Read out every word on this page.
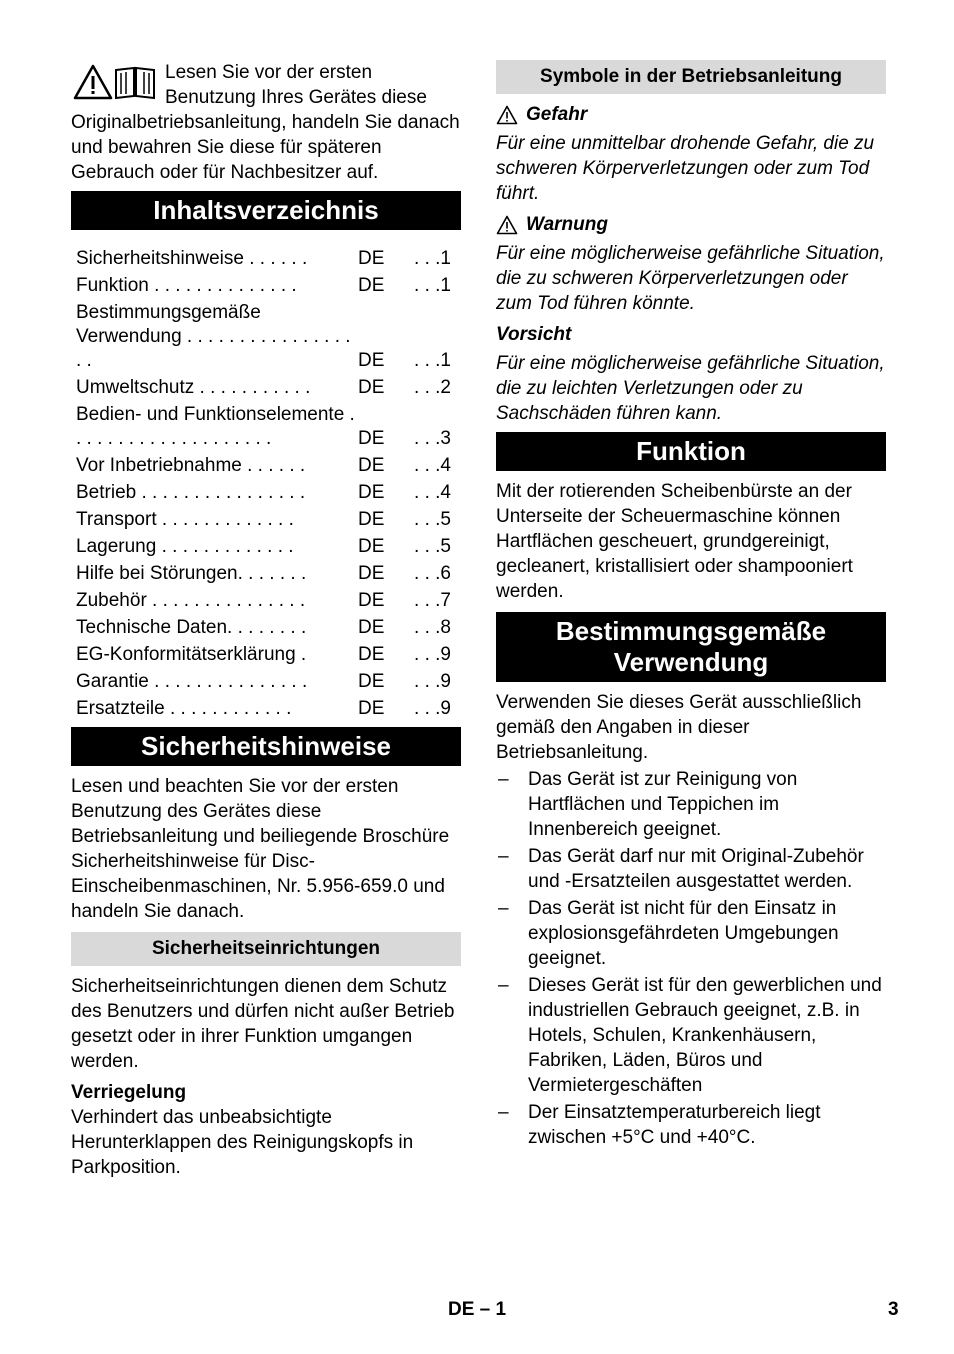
Lesen Sie vor der ersten Benutzung Ihres Gerätes diese Originalbetriebsanleitung, handeln Sie danach und bewahren Sie diese für späteren Gebrauch oder für Nachbesitzer auf.

Inhaltsverzeichnis
Sicherheitshinweise . . . . . .	DE	. . .1
Funktion . . . . . . . . . . . . . .	DE	. . .1
Bestimmungsgemäße Verwendung . . . . . . . . . . . . . . . . . .	DE	. . .1
Umweltschutz . . . . . . . . . . .	DE	. . .2
Bedien- und Funktionselemente . . . . . . . . . . . . . . . . . . . .	DE	. . .3
Vor Inbetriebnahme . . . . . .	DE	. . .4
Betrieb . . . . . . . . . . . . . . . .	DE	. . .4
Transport . . . . . . . . . . . . .	DE	. . .5
Lagerung . . . . . . . . . . . . .	DE	. . .5
Hilfe bei Störungen. . . . . . .	DE	. . .6
Zubehör . . . . . . . . . . . . . . .	DE	. . .7
Technische Daten. . . . . . . .	DE	. . .8
EG-Konformitätserklärung .	DE	. . .9
Garantie . . . . . . . . . . . . . . .	DE	. . .9
Ersatzteile . . . . . . . . . . . .	DE	. . .9
Sicherheitshinweise

Lesen und beachten Sie vor der ersten Benutzung des Gerätes diese Betriebsanleitung und beiliegende Broschüre Sicherheitshinweise für Disc-Einscheibenmaschinen, Nr. 5.956-659.0 und handeln Sie danach.

Sicherheitseinrichtungen

Sicherheitseinrichtungen dienen dem Schutz des Benutzers und dürfen nicht außer Betrieb gesetzt oder in ihrer Funktion umgangen werden.

Verriegelung

Verhindert das unbeabsichtigte Herunterklappen des Reinigungskopfs in Parkposition.

Symbole in der Betriebsanleitung
Gefahr

Für eine unmittelbar drohende Gefahr, die zu schweren Körperverletzungen oder zum Tod führt.

Warnung

Für eine möglicherweise gefährliche Situation, die zu schweren Körperverletzungen oder zum Tod führen könnte.

Vorsicht

Für eine möglicherweise gefährliche Situation, die zu leichten Verletzungen oder zu Sachschäden führen kann.

Funktion

Mit der rotierenden Scheibenbürste an der Unterseite der Scheuermaschine können Hartflächen gescheuert, grundgereinigt, gecleanert, kristallisiert oder shampooniert werden.

Bestimmungsgemäße Verwendung

Verwenden Sie dieses Gerät ausschließlich gemäß den Angaben in dieser Betriebsanleitung.

– Das Gerät ist zur Reinigung von Hartflächen und Teppichen im Innenbereich geeignet.
– Das Gerät darf nur mit Original-Zubehör und -Ersatzteilen ausgestattet werden.
– Das Gerät ist nicht für den Einsatz in explosionsgefährdeten Umgebungen geeignet.
– Dieses Gerät ist für den gewerblichen und industriellen Gebrauch geeignet, z.B. in Hotels, Schulen, Krankenhäusern, Fabriken, Läden, Büros und Vermietergeschäften
– Der Einsatztemperaturbereich liegt zwischen +5°C und +40°C.
DE – 1	3
